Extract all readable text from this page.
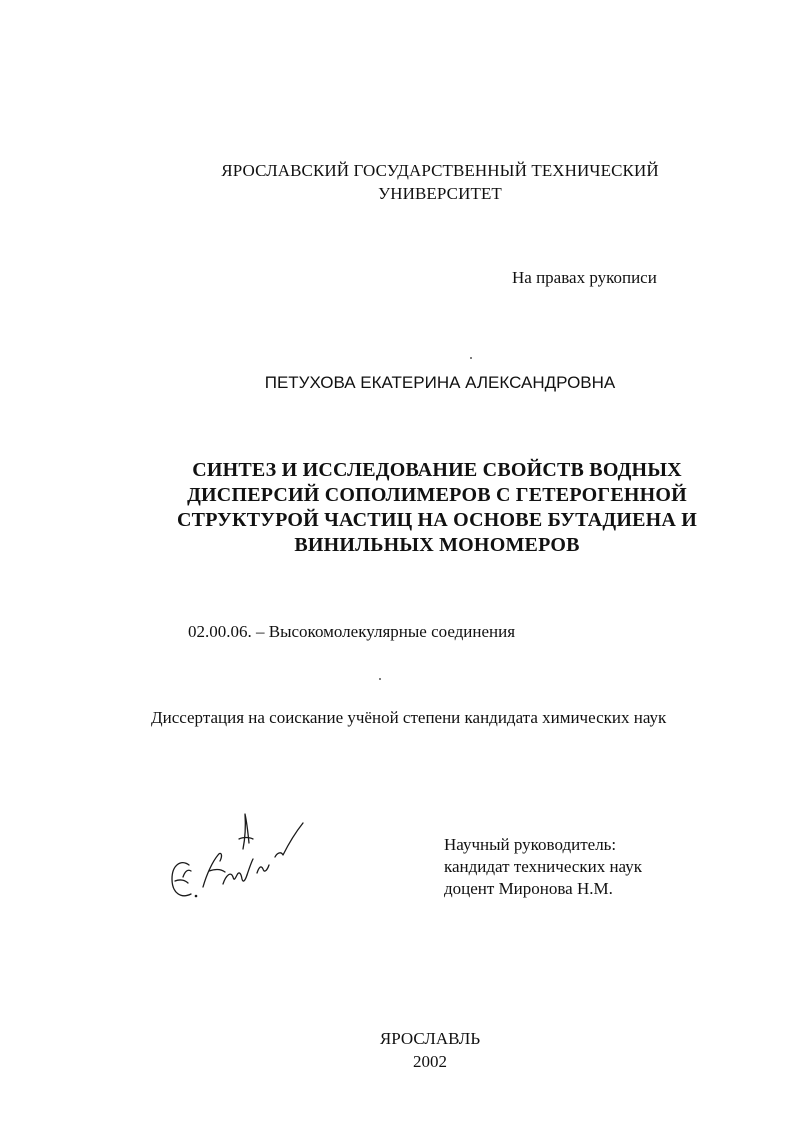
ЯРОСЛАВСКИЙ ГОСУДАРСТВЕННЫЙ ТЕХНИЧЕСКИЙ
УНИВЕРСИТЕТ
На правах рукописи
ПЕТУХОВА ЕКАТЕРИНА АЛЕКСАНДРОВНА
СИНТЕЗ И ИССЛЕДОВАНИЕ СВОЙСТВ ВОДНЫХ
ДИСПЕРСИЙ СОПОЛИМЕРОВ С ГЕТЕРОГЕННОЙ
СТРУКТУРОЙ ЧАСТИЦ НА ОСНОВЕ БУТАДИЕНА И
ВИНИЛЬНЫХ МОНОМЕРОВ
02.00.06. – Высокомолекулярные соединения
Диссертация на соискание учёной степени кандидата химических наук
Научный руководитель:
кандидат технических наук
доцент Миронова Н.М.
ЯРОСЛАВЛЬ
2002
